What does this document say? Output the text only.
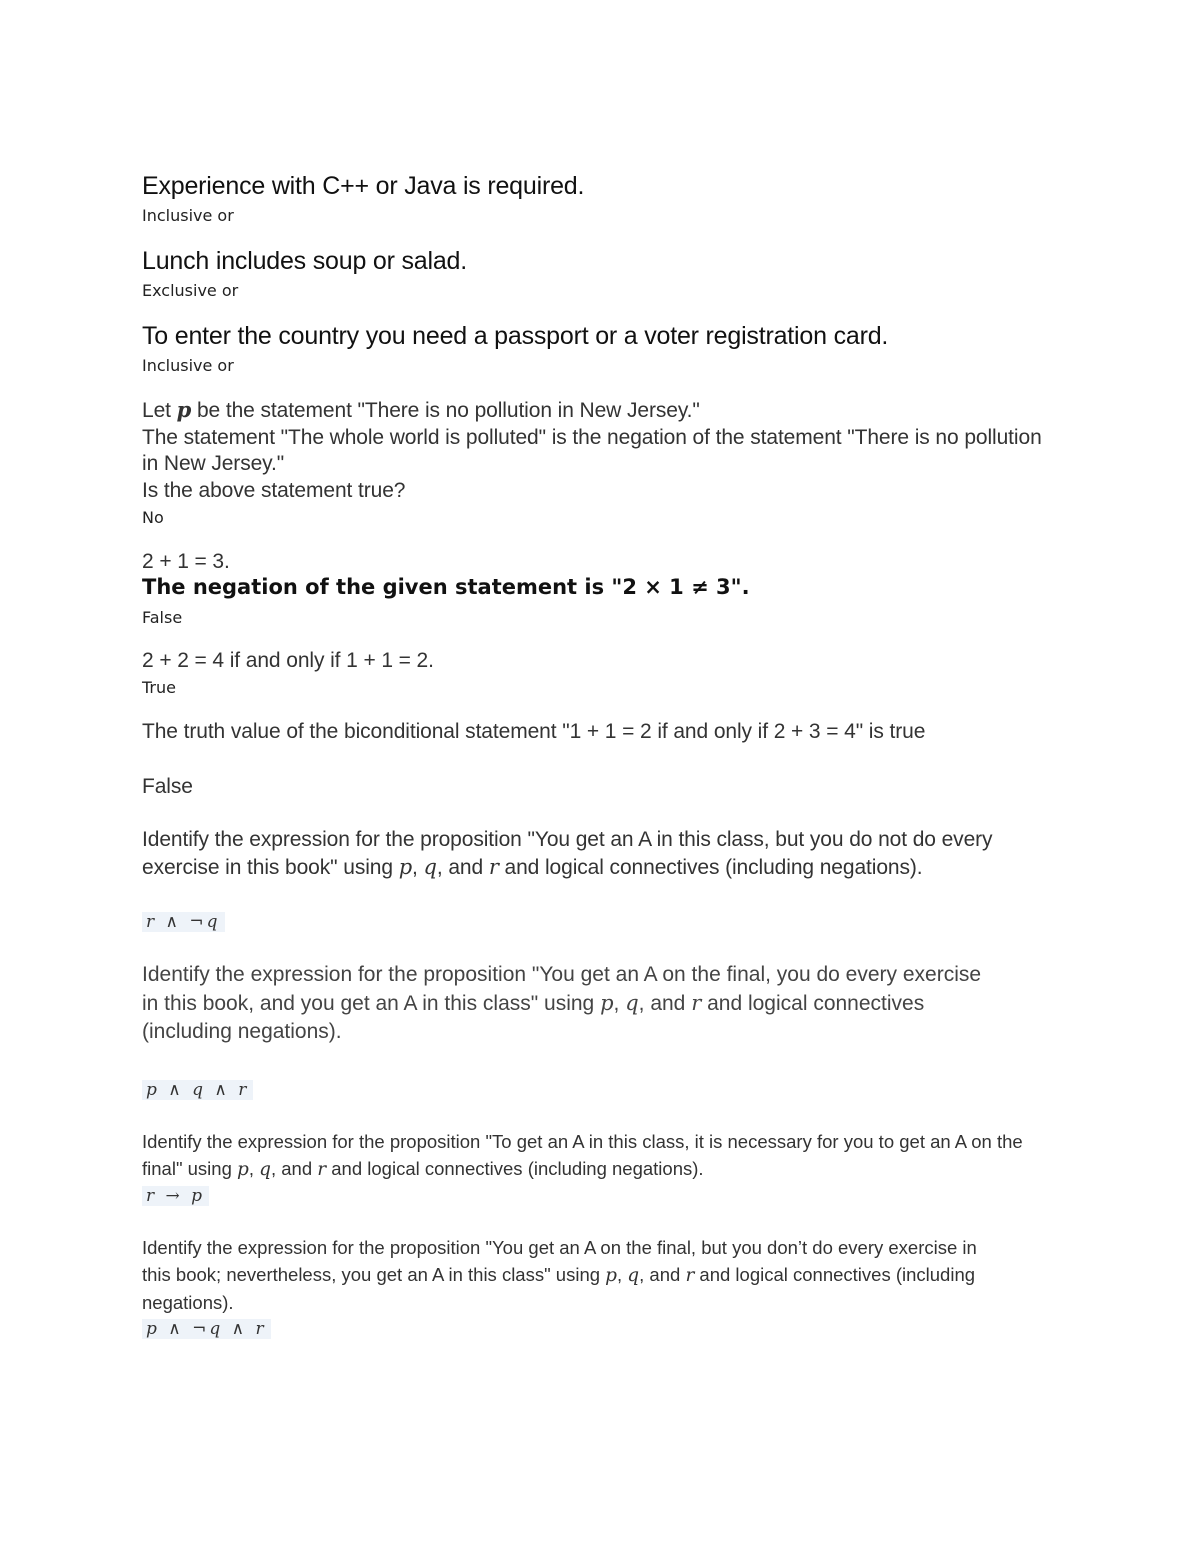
Experience with C++ or Java is required.
Inclusive or
Lunch includes soup or salad.
Exclusive or
To enter the country you need a passport or a voter registration card.
Inclusive or
Let p be the statement "There is no pollution in New Jersey."
The statement "The whole world is polluted" is the negation of the statement "There is no pollution in New Jersey."
Is the above statement true?
No
2 + 1 = 3.
The negation of the given statement is "2 × 1 ≠ 3".
False
2 + 2 = 4 if and only if 1 + 1 = 2.
True
The truth value of the biconditional statement "1 + 1 = 2 if and only if 2 + 3 = 4" is true
False
Identify the expression for the proposition "You get an A in this class, but you do not do every exercise in this book" using p, q, and r and logical connectives (including negations).
r ∧ ¬q
Identify the expression for the proposition "You get an A on the final, you do every exercise in this book, and you get an A in this class" using p, q, and r and logical connectives (including negations).
p ∧ q ∧ r
Identify the expression for the proposition "To get an A in this class, it is necessary for you to get an A on the final" using p, q, and r and logical connectives (including negations).
r → p
Identify the expression for the proposition "You get an A on the final, but you don’t do every exercise in this book; nevertheless, you get an A in this class" using p, q, and r and logical connectives (including negations).
p ∧ ¬q ∧ r
